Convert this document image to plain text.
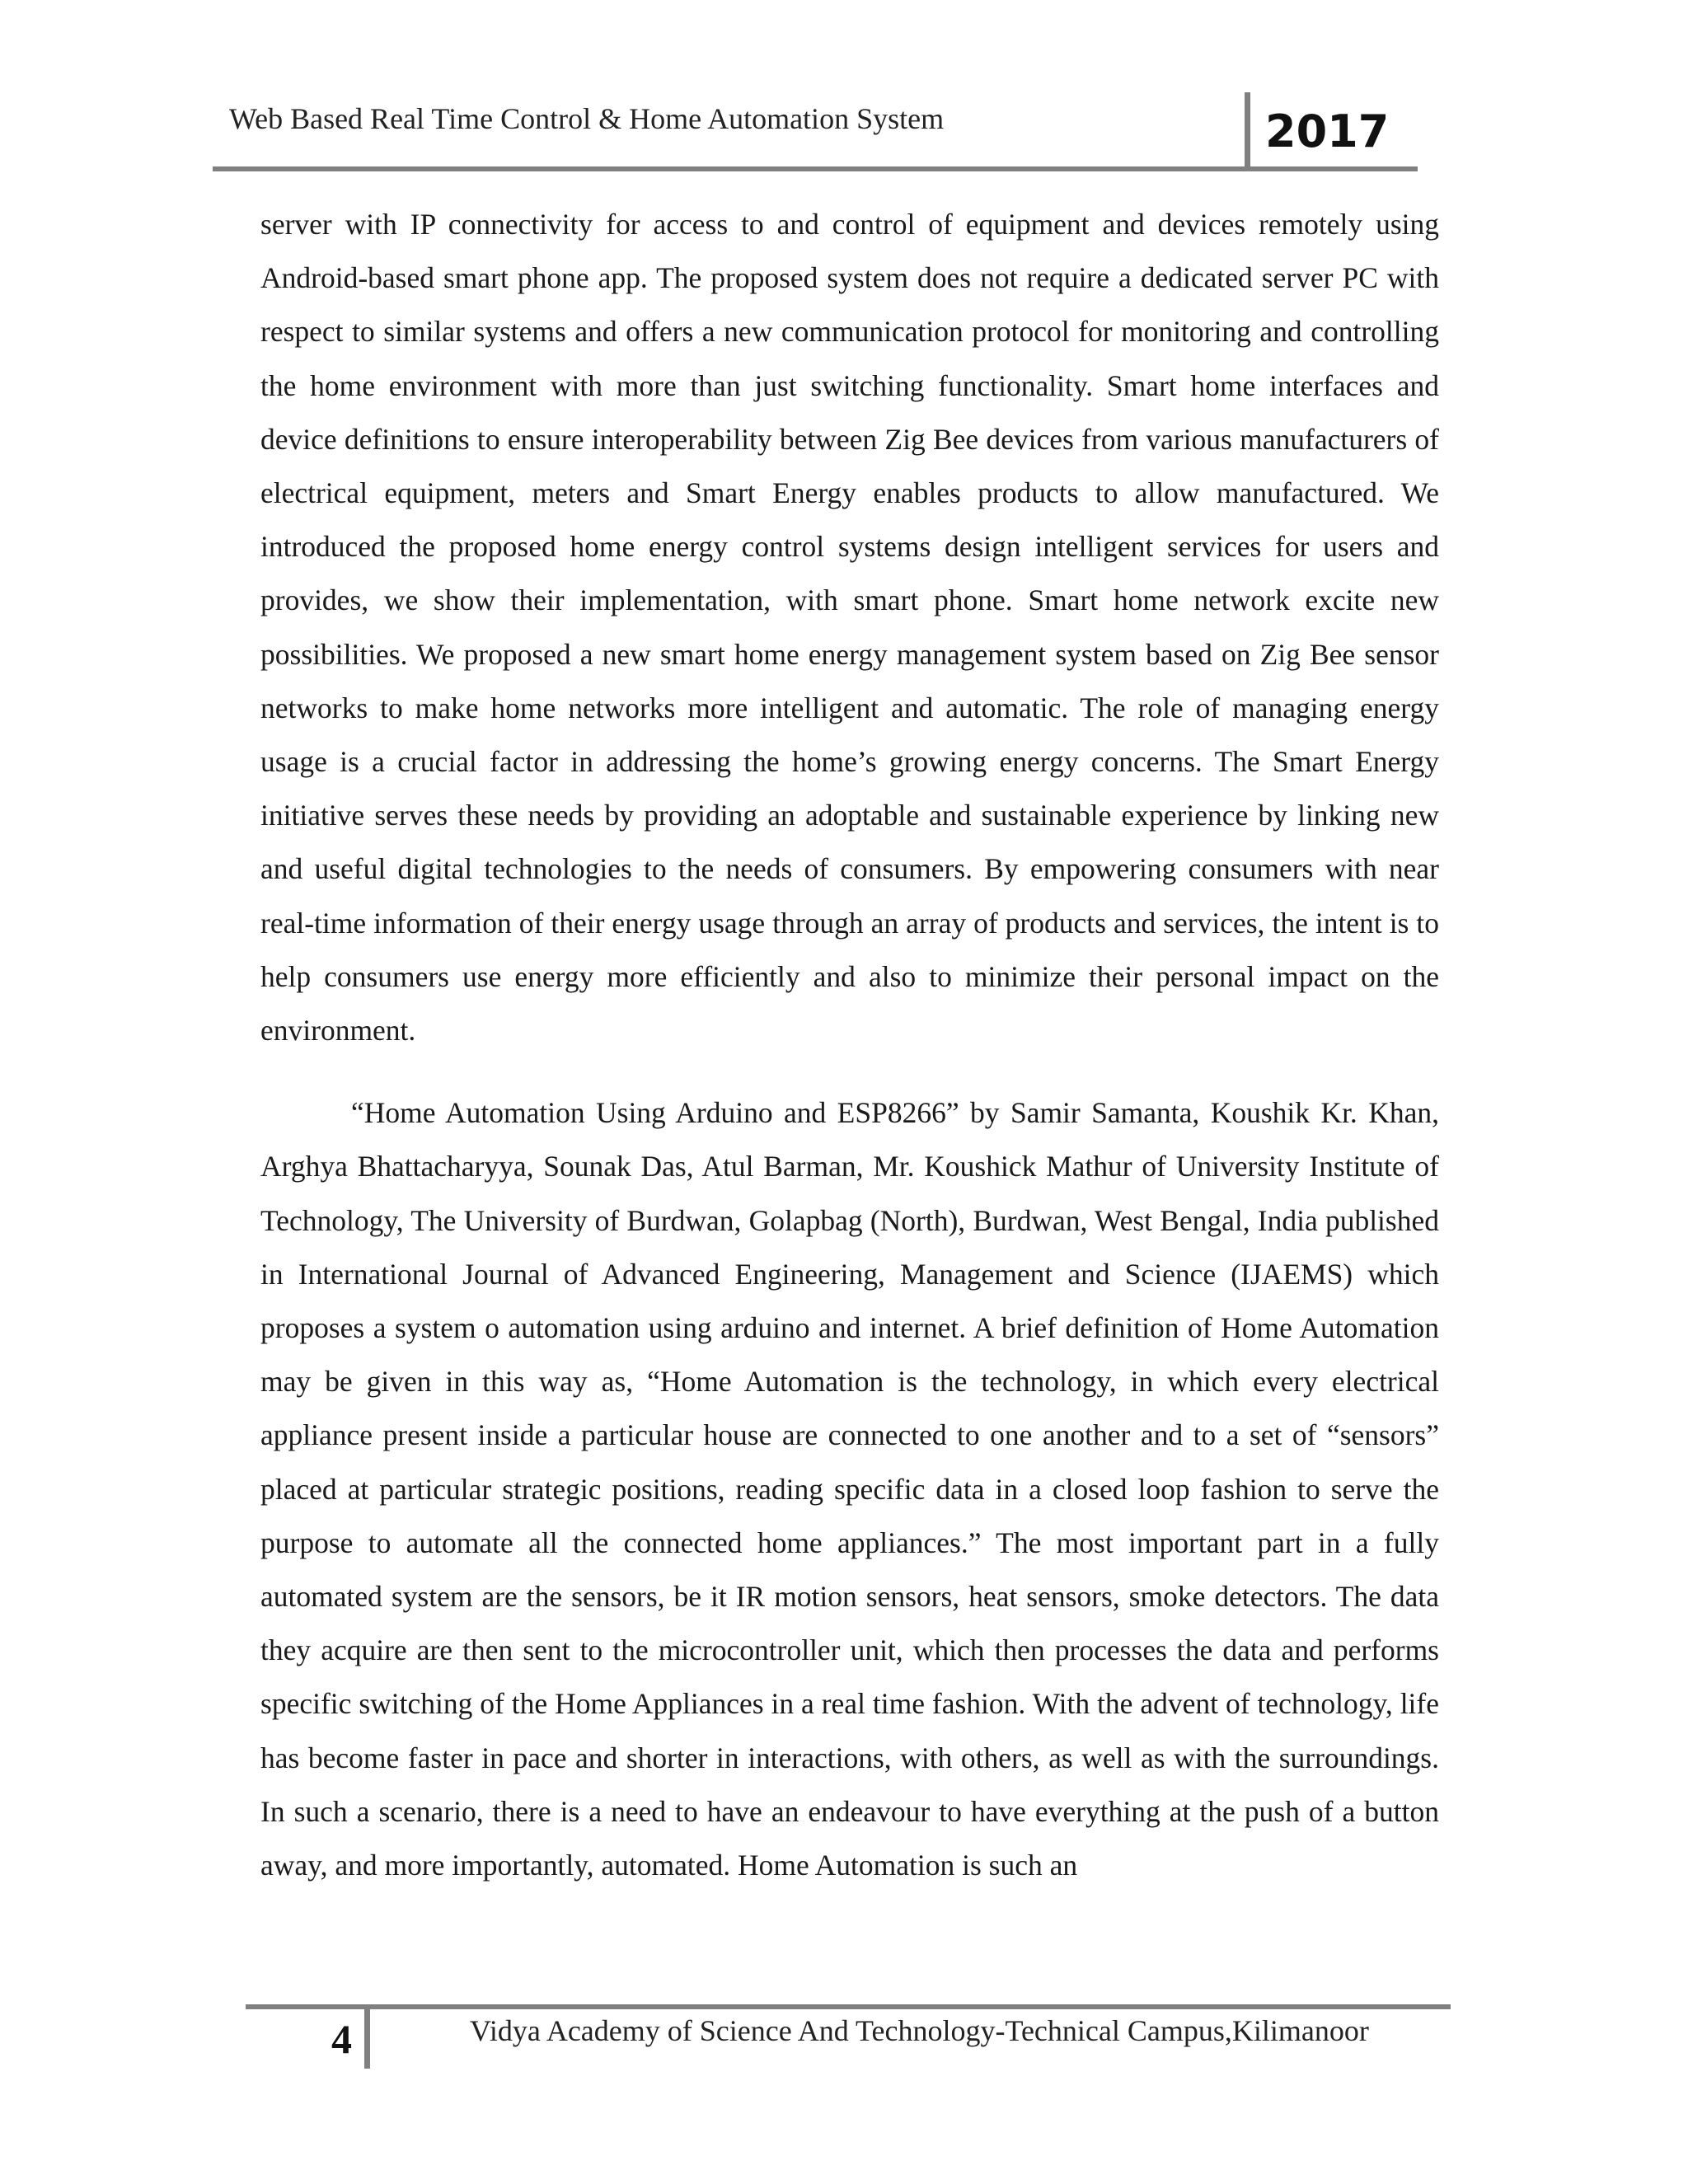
Web Based Real Time Control & Home Automation System	2017

server with IP connectivity for access to and control of equipment and devices remotely using Android-based smart phone app. The proposed system does not require a dedicated server PC with respect to similar systems and offers a new communication protocol for monitoring and controlling the home environment with more than just switching functionality. Smart home interfaces and device definitions to ensure interoperability between Zig Bee devices from various manufacturers of electrical equipment, meters and Smart Energy enables products to allow manufactured. We introduced the proposed home energy control systems design intelligent services for users and provides, we show their implementation, with smart phone. Smart home network excite new possibilities. We proposed a new smart home energy management system based on Zig Bee sensor networks to make home networks more intelligent and automatic. The role of managing energy usage is a crucial factor in addressing the home’s growing energy concerns. The Smart Energy initiative serves these needs by providing an adoptable and sustainable experience by linking new and useful digital technologies to the needs of consumers. By empowering consumers with near real-time information of their energy usage through an array of products and services, the intent is to help consumers use energy more efficiently and also to minimize their personal impact on the environment.

“Home Automation Using Arduino and ESP8266” by Samir Samanta, Koushik Kr. Khan, Arghya Bhattacharyya, Sounak Das, Atul Barman, Mr. Koushick Mathur of University Institute of Technology, The University of Burdwan, Golapbag (North), Burdwan, West Bengal, India published in International Journal of Advanced Engineering, Management and Science (IJAEMS) which proposes a system o automation using arduino and internet. A brief definition of Home Automation may be given in this way as, “Home Automation is the technology, in which every electrical appliance present inside a particular house are connected to one another and to a set of “sensors” placed at particular strategic positions, reading specific data in a closed loop fashion to serve the purpose to automate all the connected home appliances.” The most important part in a fully automated system are the sensors, be it IR motion sensors, heat sensors, smoke detectors. The data they acquire are then sent to the microcontroller unit, which then processes the data and performs specific switching of the Home Appliances in a real time fashion. With the advent of technology, life has become faster in pace and shorter in interactions, with others, as well as with the surroundings. In such a scenario, there is a need to have an endeavour to have everything at the push of a button away, and more importantly, automated. Home Automation is such an

4	Vidya Academy of Science And Technology-Technical Campus,Kilimanoor
